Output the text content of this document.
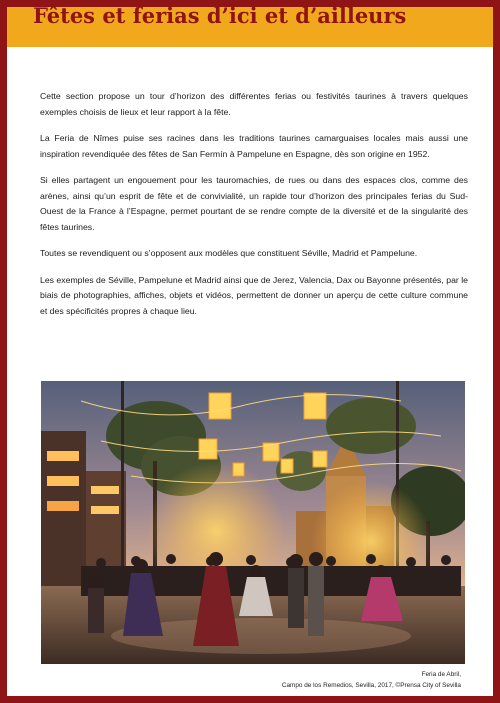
Fêtes et ferias d’ici et d’ailleurs

Cette section propose un tour d’horizon des différentes ferias ou festivités taurines à travers quelques exemples choisis de lieux et leur rapport à la fête.

La Feria de Nîmes puise ses racines dans les traditions taurines camarguaises locales mais aussi une inspiration revendiquée des fêtes de San Fermín à Pampelune en Espagne, dès son origine en 1952.

Si elles partagent un engouement pour les tauromachies, de rues ou dans des espaces clos, comme des arènes, ainsi qu’un esprit de fête et de convivialité, un rapide tour d’horizon des principales ferias du Sud-Ouest de la France à l’Espagne, permet pourtant de se rendre compte de la diversité et de la singularité des fêtes taurines.

Toutes se revendiquent ou s’opposent aux modèles que constituent Séville, Madrid et Pampelune.

Les exemples de Séville, Pampelune et Madrid ainsi que de Jerez, Valencia, Dax ou Bayonne présentés, par le biais de photographies, affiches, objets et vidéos, permettent de donner un aperçu de cette culture commune et des spécificités propres à chaque lieu.

Feria de Abril,
Campo de los Remedios, Sevilla, 2017, ©Prensa City of Sevilla
